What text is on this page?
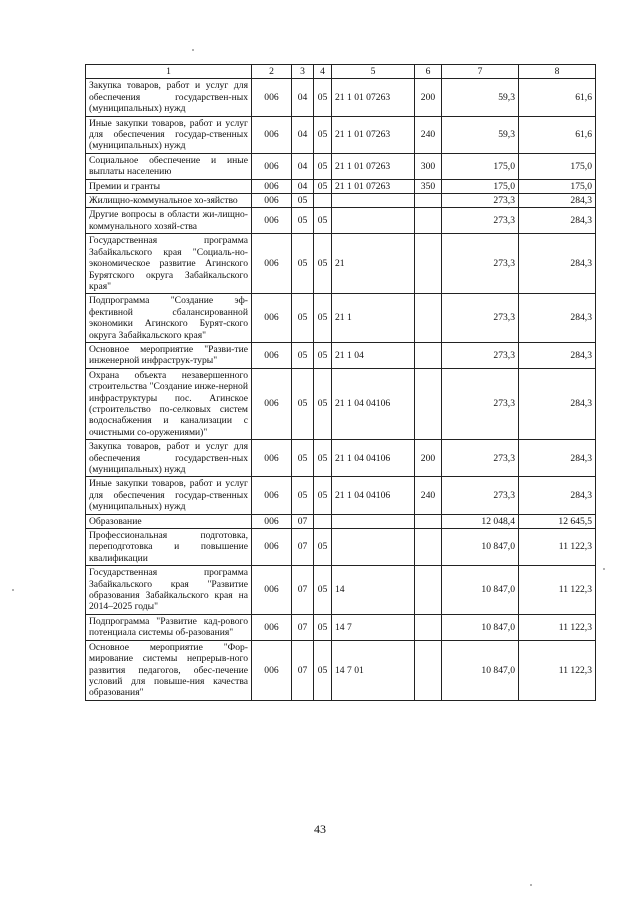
1	2	3	4	5	6	7	8
Закупка товаров, работ и услуг для обеспечения государствен-ных (муниципальных) нужд	006	04	05	21 1 01 07263	200	59,3	61,6
Иные закупки товаров, работ и услуг для обеспечения государ-ственных (муниципальных) нужд	006	04	05	21 1 01 07263	240	59,3	61,6
Социальное обеспечение и иные выплаты населению	006	04	05	21 1 01 07263	300	175,0	175,0
Премии и гранты	006	04	05	21 1 01 07263	350	175,0	175,0
Жилищно-коммунальное хо-зяйство	006	05				273,3	284,3
Другие вопросы в области жи-лищно-коммунального хозяй-ства	006	05	05			273,3	284,3
Государственная программа Забайкальского края "Социаль-но-экономическое развитие Агинского Бурятского округа Забайкальского края"	006	05	05	21		273,3	284,3
Подпрограмма "Создание эф-фективной сбалансированной экономики Агинского Бурят-ского округа Забайкальского края"	006	05	05	21 1		273,3	284,3
Основное мероприятие "Разви-тие инженерной инфраструк-туры"	006	05	05	21 1 04		273,3	284,3
Охрана объекта незавершенного строительства "Создание инже-нерной инфраструктуры пос. Агинское (строительство по-селковых систем водоснабжения и канализации с очистными со-оружениями)"	006	05	05	21 1 04 04106		273,3	284,3
Закупка товаров, работ и услуг для обеспечения государствен-ных (муниципальных) нужд	006	05	05	21 1 04 04106	200	273,3	284,3
Иные закупки товаров, работ и услуг для обеспечения государ-ственных (муниципальных) нужд	006	05	05	21 1 04 04106	240	273,3	284,3
Образование	006	07				12 048,4	12 645,5
Профессиональная подготовка, переподготовка и повышение квалификации	006	07	05			10 847,0	11 122,3
Государственная программа Забайкальского края "Развитие образования Забайкальского края на 2014–2025 годы"	006	07	05	14		10 847,0	11 122,3
Подпрограмма "Развитие кад-рового потенциала системы об-разования"	006	07	05	14 7		10 847,0	11 122,3
Основное мероприятие "Фор-мирование системы непрерыв-ного развития педагогов, обес-печение условий для повыше-ния качества образования"	006	07	05	14 7 01		10 847,0	11 122,3
43
